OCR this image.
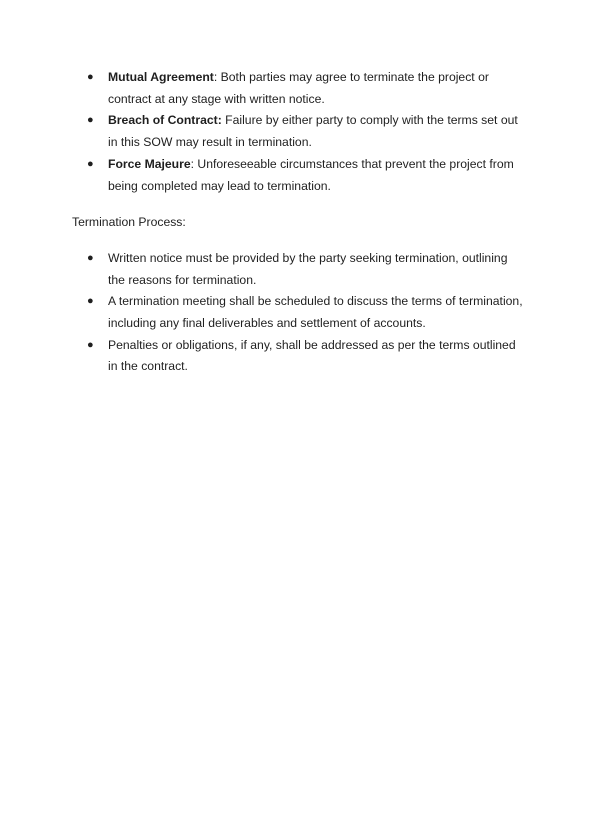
● Mutual Agreement: Both parties may agree to terminate the project or contract at any stage with written notice.
● Breach of Contract: Failure by either party to comply with the terms set out in this SOW may result in termination.
● Force Majeure: Unforeseeable circumstances that prevent the project from being completed may lead to termination.

Termination Process:

● Written notice must be provided by the party seeking termination, outlining the reasons for termination.
● A termination meeting shall be scheduled to discuss the terms of termination, including any final deliverables and settlement of accounts.
● Penalties or obligations, if any, shall be addressed as per the terms outlined in the contract.
